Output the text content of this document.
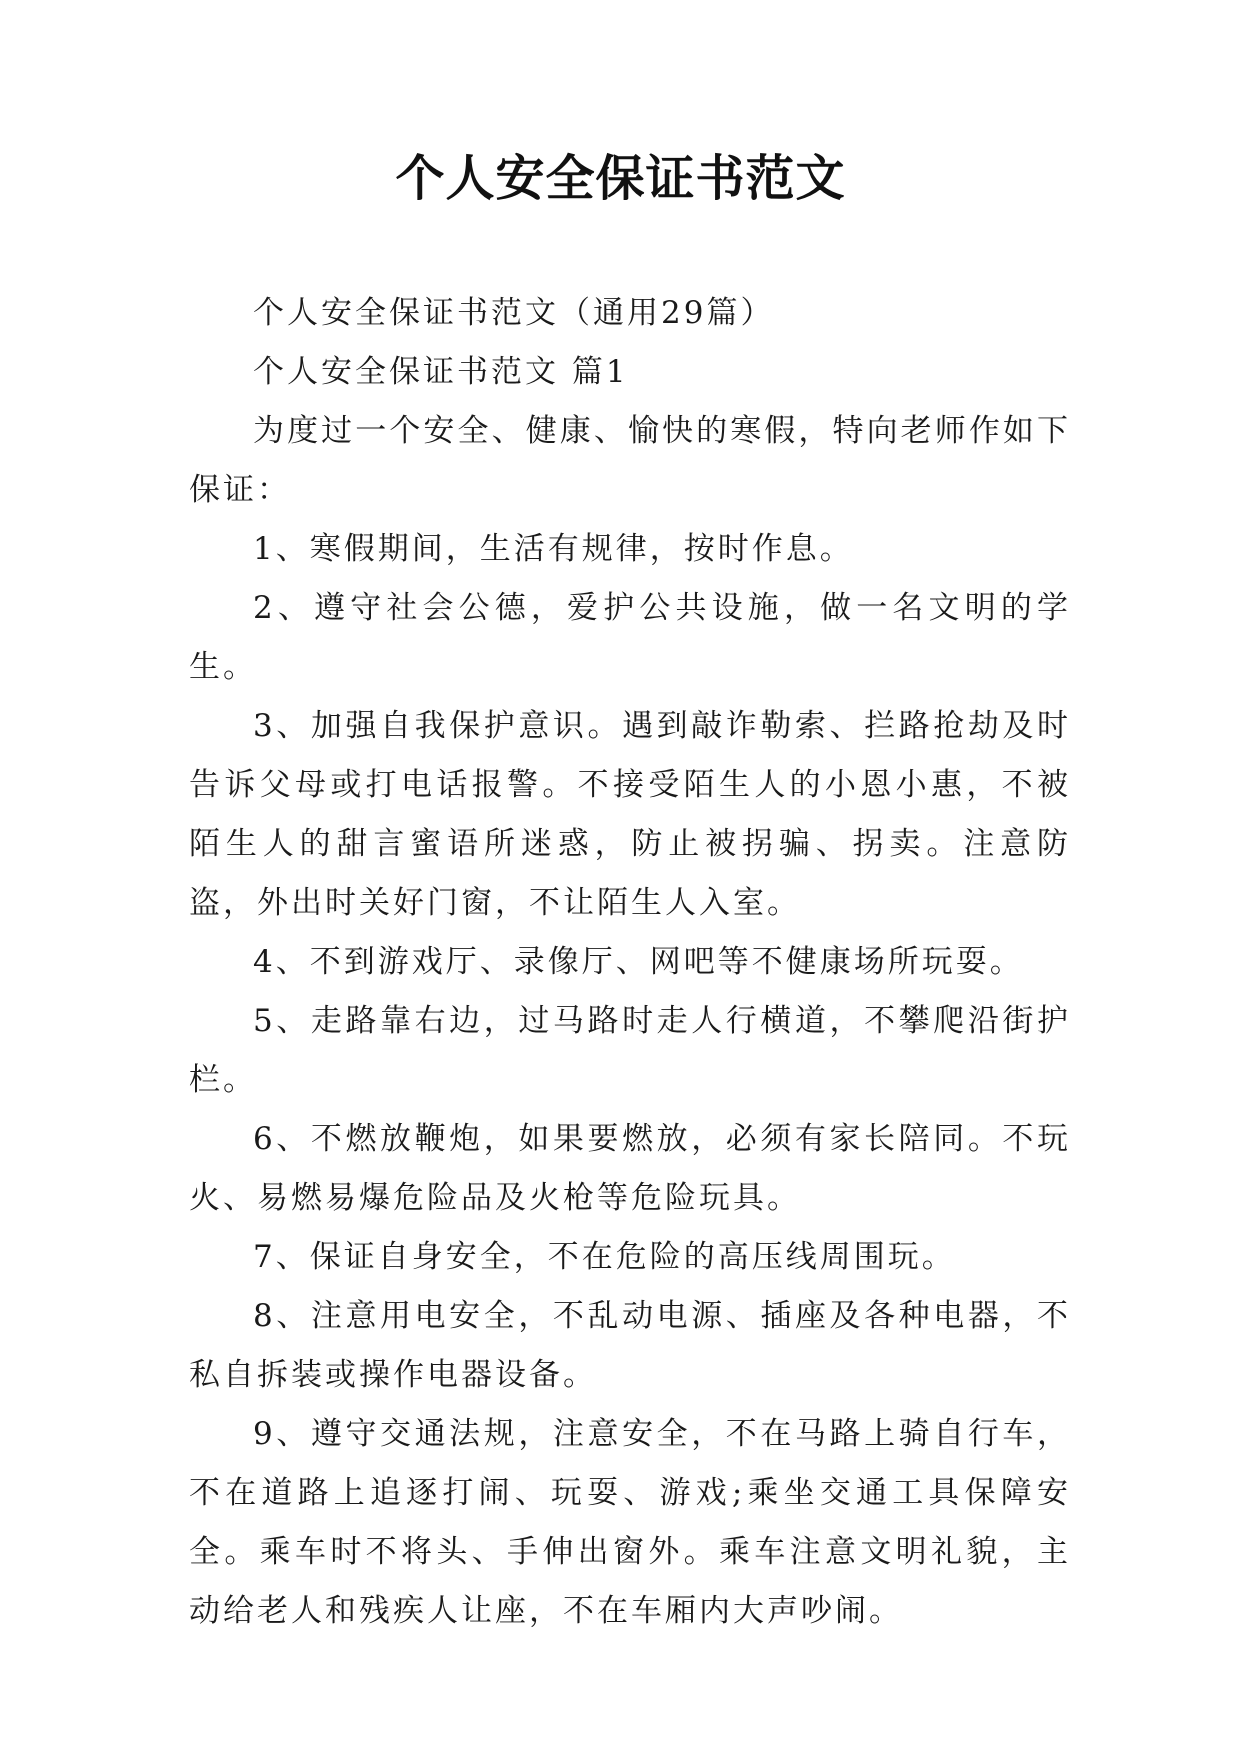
个人安全保证书范文

个人安全保证书范文（通用29篇）

个人安全保证书范文 篇1

为度过一个安全、健康、愉快的寒假，特向老师作如下保证：

1、寒假期间，生活有规律，按时作息。

2、遵守社会公德，爱护公共设施，做一名文明的学生。

3、加强自我保护意识。遇到敲诈勒索、拦路抢劫及时告诉父母或打电话报警。不接受陌生人的小恩小惠，不被陌生人的甜言蜜语所迷惑，防止被拐骗、拐卖。注意防盗，外出时关好门窗，不让陌生人入室。

4、不到游戏厅、录像厅、网吧等不健康场所玩耍。

5、走路靠右边，过马路时走人行横道，不攀爬沿街护栏。

6、不燃放鞭炮，如果要燃放，必须有家长陪同。不玩火、易燃易爆危险品及火枪等危险玩具。

7、保证自身安全，不在危险的高压线周围玩。

8、注意用电安全，不乱动电源、插座及各种电器，不私自拆装或操作电器设备。

9、遵守交通法规，注意安全，不在马路上骑自行车，不在道路上追逐打闹、玩耍、游戏;乘坐交通工具保障安全。乘车时不将头、手伸出窗外。乘车注意文明礼貌，主动给老人和残疾人让座，不在车厢内大声吵闹。
